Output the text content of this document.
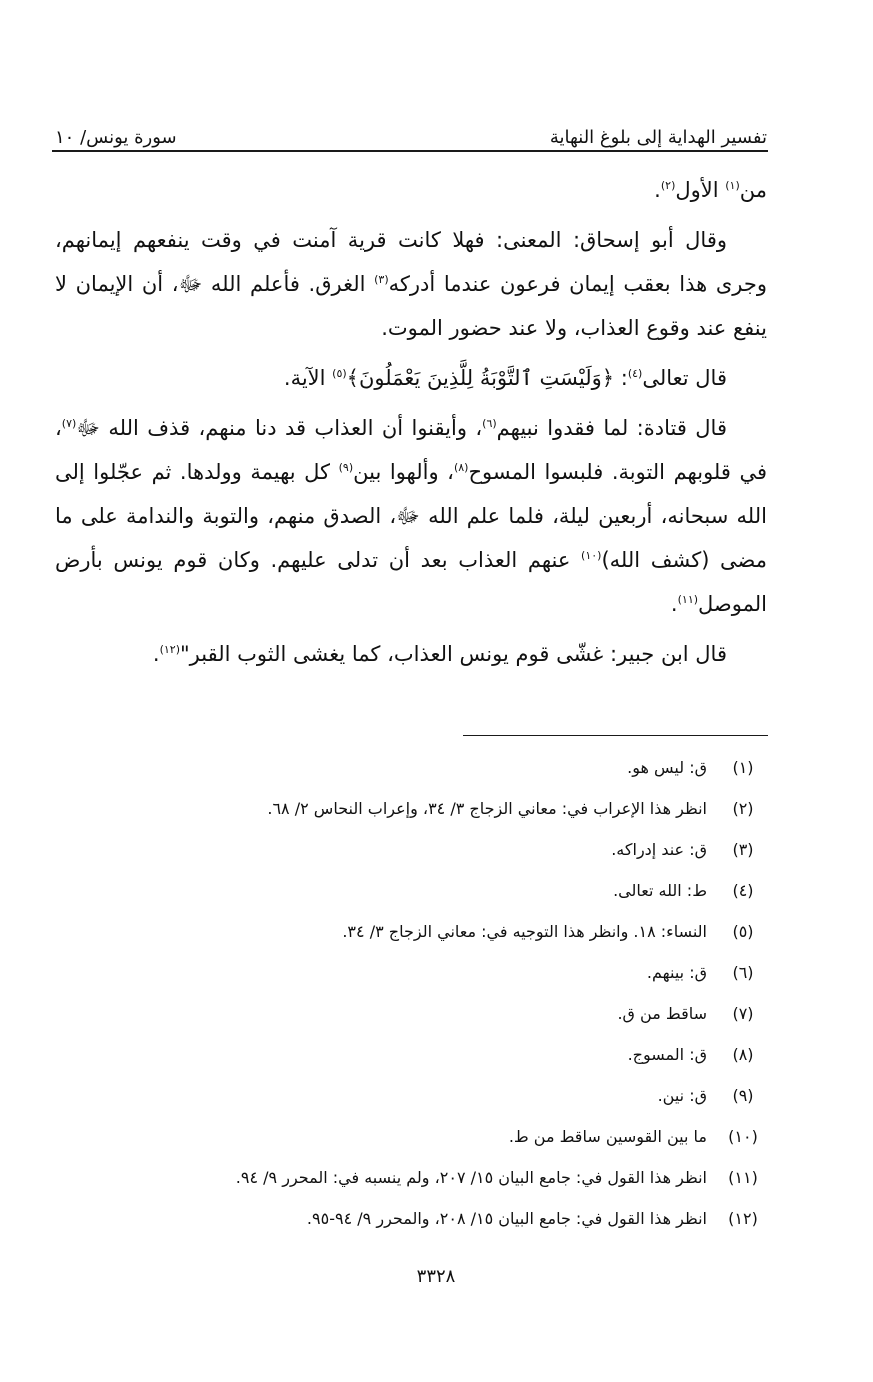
تفسير الهداية إلى بلوغ النهاية
سورة يونس/ ١٠

من$^{(١)}$ الأول$^{(٢)}$.

وقال أبو إسحاق: المعنى: فهلا كانت قرية آمنت في وقت ينفعهم إيمانهم، وجرى هذا بعقب إيمان فرعون عندما أدركه$^{(٣)}$ الغرق. فأعلم الله ﷻ، أن الإيمان لا ينفع عند وقوع العذاب، ولا عند حضور الموت.

قال تعالى$^{(٤)}$: ﴿وَلَيْسَتِ ٱلتَّوْبَةُ لِلَّذِينَ يَعْمَلُونَ﴾$^{(٥)}$ الآية.

قال قتادة: لما فقدوا نبيهم$^{(٦)}$، وأيقنوا أن العذاب قد دنا منهم، قذف الله ﷻ$^{(٧)}$، في قلوبهم التوبة. فلبسوا المسوح$^{(٨)}$، وألهوا بين$^{(٩)}$ كل بهيمة وولدها. ثم عجّلوا إلى الله سبحانه، أربعين ليلة، فلما علم الله ﷻ، الصدق منهم، والتوبة والندامة على ما مضى (كشف الله)$^{(١٠)}$ عنهم العذاب بعد أن تدلى عليهم. وكان قوم يونس بأرض الموصل$^{(١١)}$.

قال ابن جبير: غشّى قوم يونس العذاب، كما يغشى الثوب القبر"$^{(١٢)}$.

(١)
ق: ليس هو.
(٢)
انظر هذا الإعراب في: معاني الزجاج ٣/ ٣٤، وإعراب النحاس ٢/ ٦٨.
(٣)
ق: عند إدراكه.
(٤)
ط: الله تعالى.
(٥)
النساء: ١٨. وانظر هذا التوجيه في: معاني الزجاج ٣/ ٣٤.
(٦)
ق: بينهم.
(٧)
ساقط من ق.
(٨)
ق: المسوج.
(٩)
ق: نين.
(١٠)
ما بين القوسين ساقط من ط.
(١١)
انظر هذا القول في: جامع البيان ١٥/ ٢٠٧، ولم ينسبه في: المحرر ٩/ ٩٤.
(١٢)
انظر هذا القول في: جامع البيان ١٥/ ٢٠٨، والمحرر ٩/ ٩٤-٩٥.
٣٣٢٨
